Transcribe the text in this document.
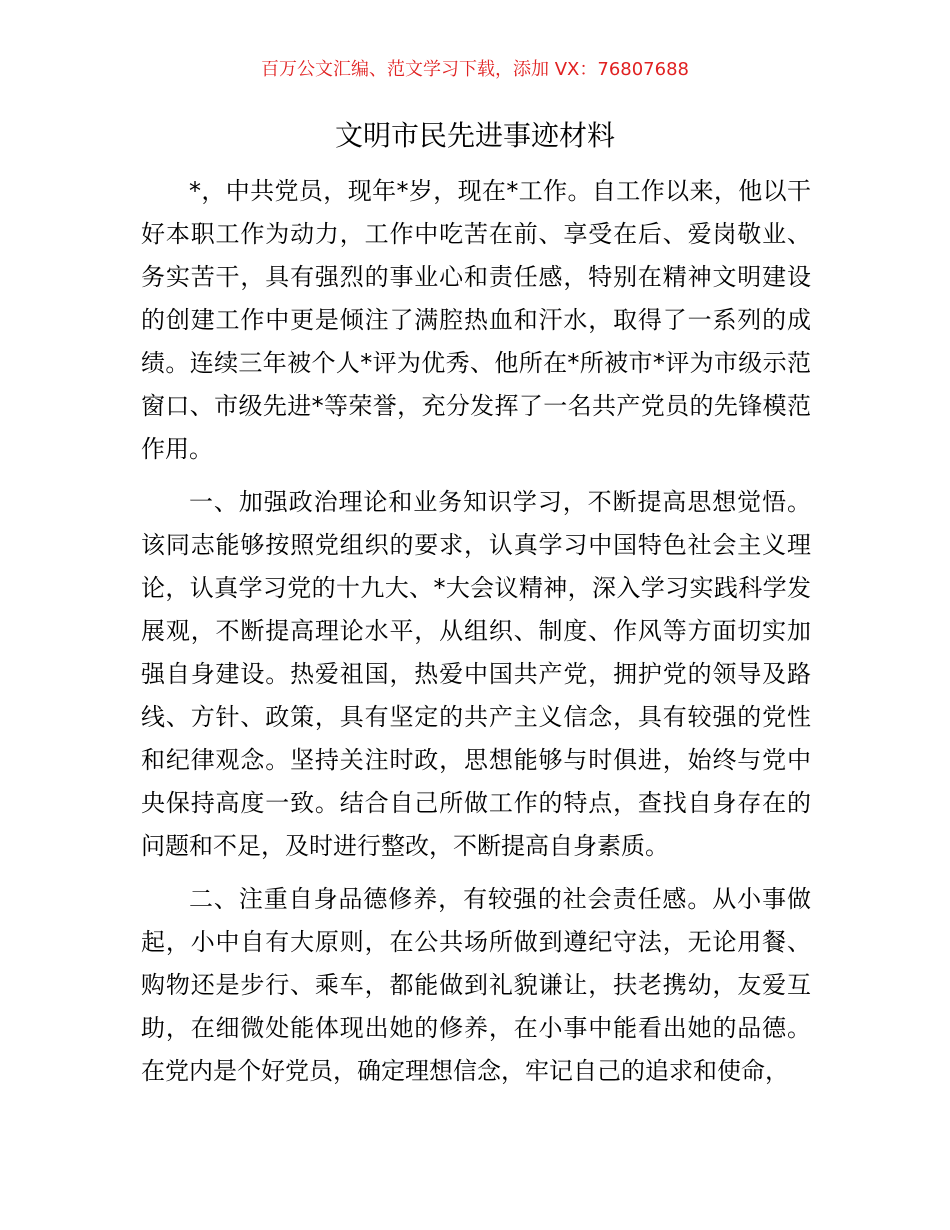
百万公文汇编、范文学习下载，添加 VX：76807688
文明市民先进事迹材料

*，中共党员，现年*岁，现在*工作。自工作以来，他以干好本职工作为动力，工作中吃苦在前、享受在后、爱岗敬业、务实苦干，具有强烈的事业心和责任感，特别在精神文明建设的创建工作中更是倾注了满腔热血和汗水，取得了一系列的成绩。连续三年被个人*评为优秀、他所在*所被市*评为市级示范窗口、市级先进*等荣誉，充分发挥了一名共产党员的先锋模范作用。

一、加强政治理论和业务知识学习，不断提高思想觉悟。该同志能够按照党组织的要求，认真学习中国特色社会主义理论，认真学习党的十九大、*大会议精神，深入学习实践科学发展观，不断提高理论水平，从组织、制度、作风等方面切实加强自身建设。热爱祖国，热爱中国共产党，拥护党的领导及路线、方针、政策，具有坚定的共产主义信念，具有较强的党性和纪律观念。坚持关注时政，思想能够与时俱进，始终与党中央保持高度一致。结合自己所做工作的特点，查找自身存在的问题和不足，及时进行整改，不断提高自身素质。

二、注重自身品德修养，有较强的社会责任感。从小事做起，小中自有大原则，在公共场所做到遵纪守法，无论用餐、购物还是步行、乘车，都能做到礼貌谦让，扶老携幼，友爱互助，在细微处能体现出她的修养，在小事中能看出她的品德。在党内是个好党员，确定理想信念，牢记自己的追求和使命，
